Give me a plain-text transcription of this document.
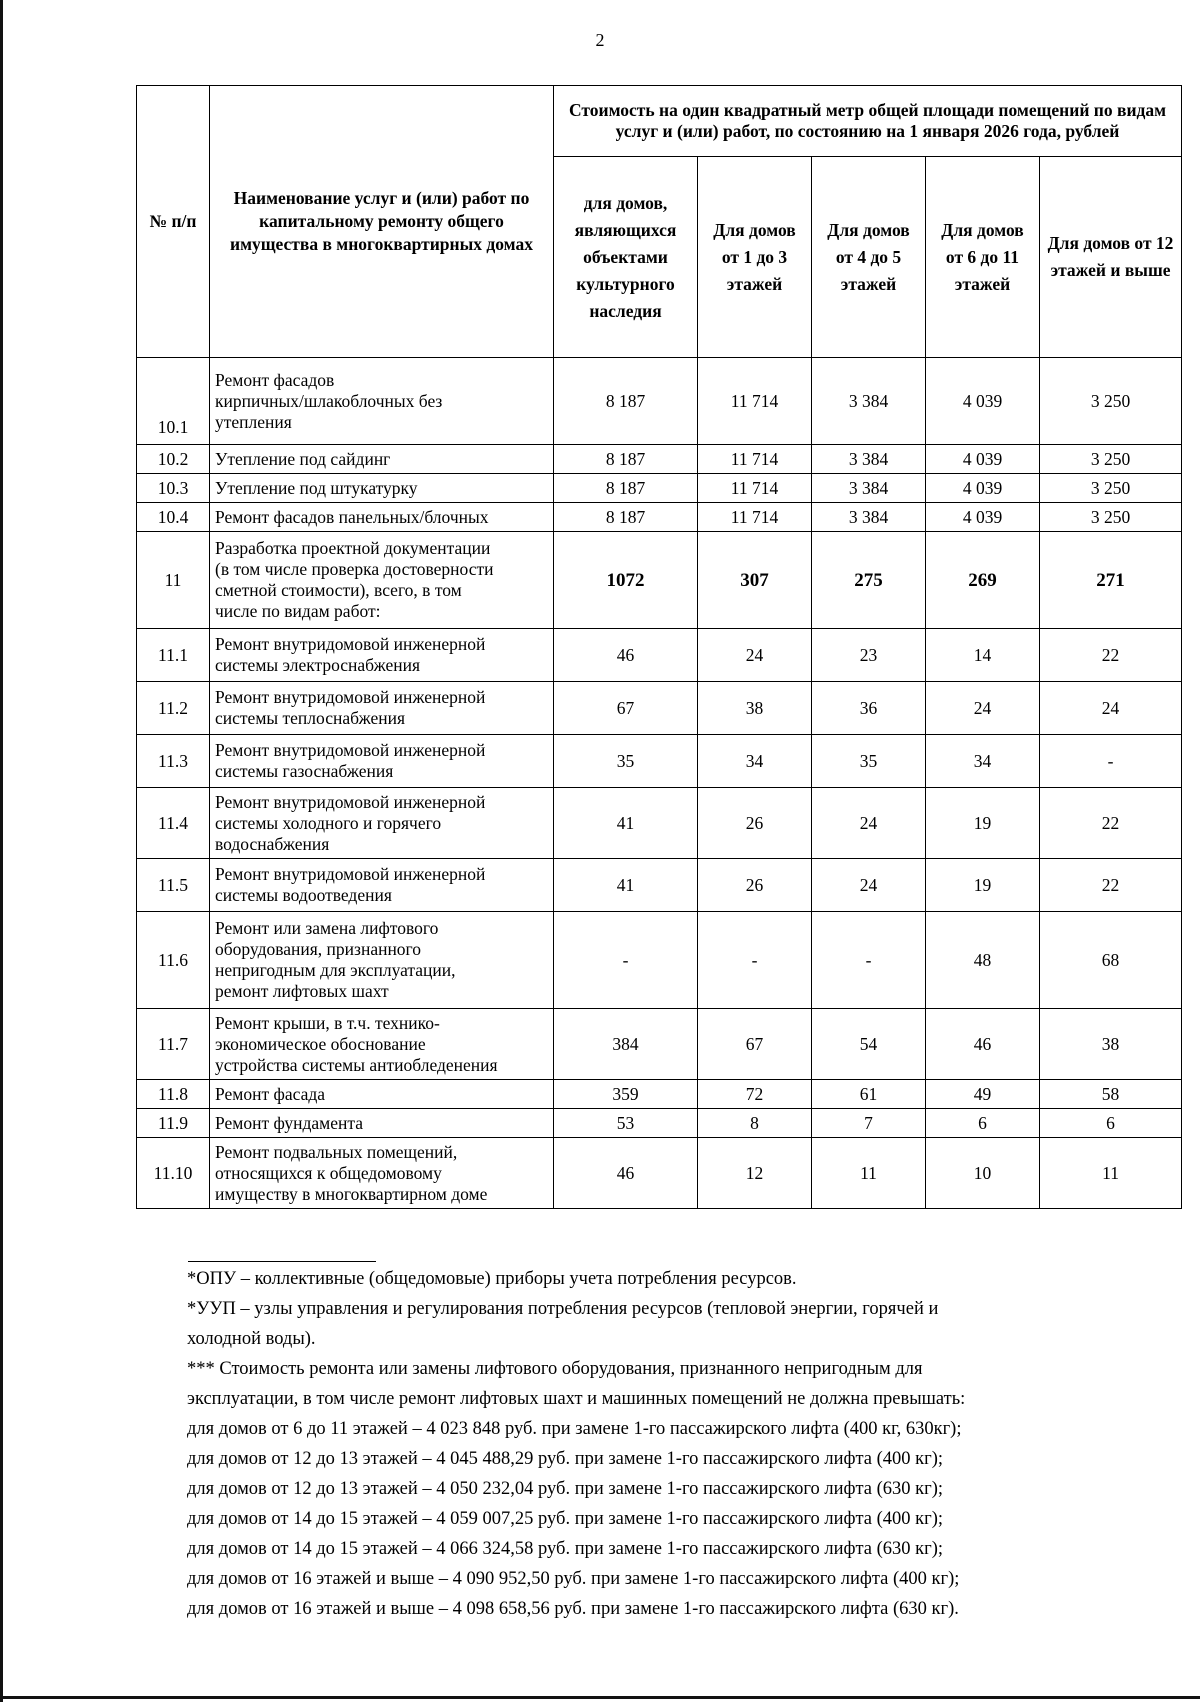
2
№ п/п	Наименование услуг и (или) работ по капитальному ремонту общего имущества в многоквартирных домах	Стоимость на один квадратный метр общей площади помещений по видам услуг и (или) работ, по состоянию на 1 января 2026 года, рублей				
		для домов, являющихся объектами культурного наследия	Для домов от 1 до 3 этажей	Для домов от 4 до 5 этажей	Для домов от 6 до 11 этажей	Для домов от 12 этажей и выше
10.1	Ремонт фасадов
кирпичных/шлакоблочных без
утепления	8 187	11 714	3 384	4 039	3 250
10.2	Утепление под сайдинг	8 187	11 714	3 384	4 039	3 250
10.3	Утепление под штукатурку	8 187	11 714	3 384	4 039	3 250
10.4	Ремонт фасадов панельных/блочных	8 187	11 714	3 384	4 039	3 250
11	Разработка проектной документации
(в том числе проверка достоверности
сметной стоимости), всего, в том
числе по видам работ:	1072	307	275	269	271
11.1	Ремонт внутридомовой инженерной
системы электроснабжения	46	24	23	14	22
11.2	Ремонт внутридомовой инженерной
системы теплоснабжения	67	38	36	24	24
11.3	Ремонт внутридомовой инженерной
системы газоснабжения	35	34	35	34	-
11.4	Ремонт внутридомовой инженерной
системы холодного и горячего
водоснабжения	41	26	24	19	22
11.5	Ремонт внутридомовой инженерной
системы водоотведения	41	26	24	19	22
11.6	Ремонт или замена лифтового
оборудования, признанного
непригодным для эксплуатации,
ремонт лифтовых шахт	-	-	-	48	68
11.7	Ремонт крыши, в т.ч. технико-
экономическое обоснование
устройства системы антиобледенения	384	67	54	46	38
11.8	Ремонт фасада	359	72	61	49	58
11.9	Ремонт фундамента	53	8	7	6	6
11.10	Ремонт подвальных помещений,
относящихся к общедомовому
имуществу в многоквартирном доме	46	12	11	10	11

*ОПУ – коллективные (общедомовые) приборы учета потребления ресурсов.

*УУП – узлы управления и регулирования потребления ресурсов (тепловой энергии, горячей и

холодной воды).

*** Стоимость ремонта или замены лифтового оборудования, признанного непригодным для

эксплуатации, в том числе ремонт лифтовых шахт и машинных помещений не должна превышать:

для домов от 6 до 11 этажей – 4 023 848 руб. при замене 1-го пассажирского лифта (400 кг, 630кг);

для домов от 12 до 13 этажей – 4 045 488,29 руб. при замене 1-го пассажирского лифта (400 кг);

для домов от 12 до 13 этажей – 4 050 232,04 руб. при замене 1-го пассажирского лифта (630 кг);

для домов от 14 до 15 этажей – 4 059 007,25 руб. при замене 1-го пассажирского лифта (400 кг);

для домов от 14 до 15 этажей – 4 066 324,58 руб. при замене 1-го пассажирского лифта (630 кг);

для домов от 16 этажей и выше – 4 090 952,50 руб. при замене 1-го пассажирского лифта (400 кг);

для домов от 16 этажей и выше – 4 098 658,56 руб. при замене 1-го пассажирского лифта (630 кг).
